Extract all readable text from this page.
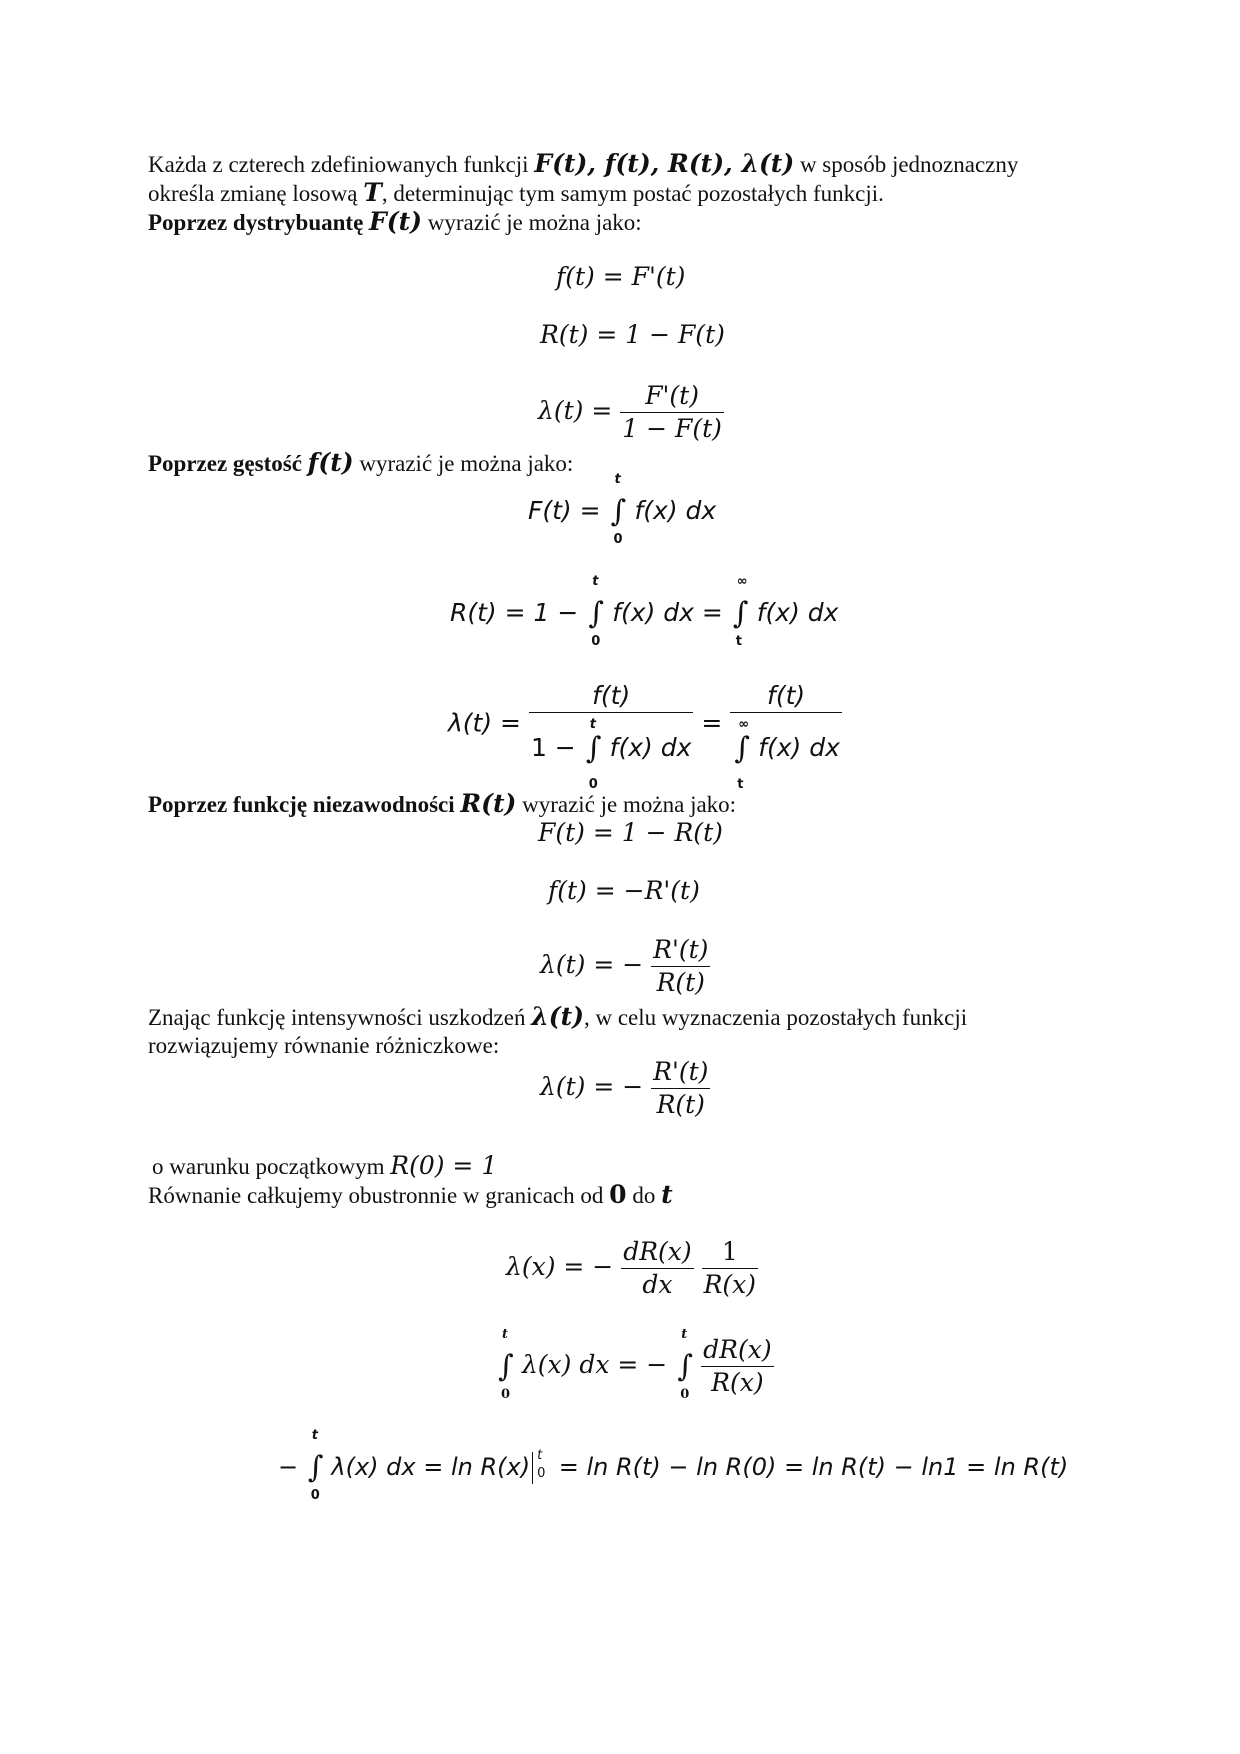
Każda z czterech zdefiniowanych funkcji F(t), f(t), R(t), λ(t) w sposób jednoznaczny
określa zmianę losową T, determinując tym samym postać pozostałych funkcji.
Poprzez dystrybuantę F(t) wyrazić je można jako:
f(t) = F'(t)
R(t) = 1 − F(t)
$\lambda(t) = \frac{F'(t)}{1 - F(t)}$
Poprzez gęstość f(t) wyrazić je można jako:
F(t) =
t
∫
0
f(x) dx
R(t) = 1 −
t
∫
0
f(x) dx =
∞
∫
t
f(x) dx
λ(t) = f(t)
1 −
t
∫
0
f(x) dx = f(t)
∞
∫
t
f(x) dx
Poprzez funkcję niezawodności R(t) wyrazić je można jako:
F(t) = 1 − R(t)
f(t) = −R'(t)
λ(t) = − $\frac{R'(t)}{R(t)}$
Znając funkcję intensywności uszkodzeń λ(t), w celu wyznaczenia pozostałych funkcji
rozwiązujemy równanie różniczkowe:
λ(t) = − $\frac{R'(t)}{R(t)}$
o warunku początkowym R(0) = 1
Równanie całkujemy obustronnie w granicach od 0 do t
λ(x) = − $\frac{dR(x)}{dx}$
$\frac{1}{R(x)}$
t
∫
0
λ(x) dx = −
t
∫
0
$\frac{dR(x)}{R(x)}$
−
t
∫
0
λ(x) dx = ln R(x) t
0 = ln R(t) − ln R(0) = ln R(t) − ln1 = ln R(t)
